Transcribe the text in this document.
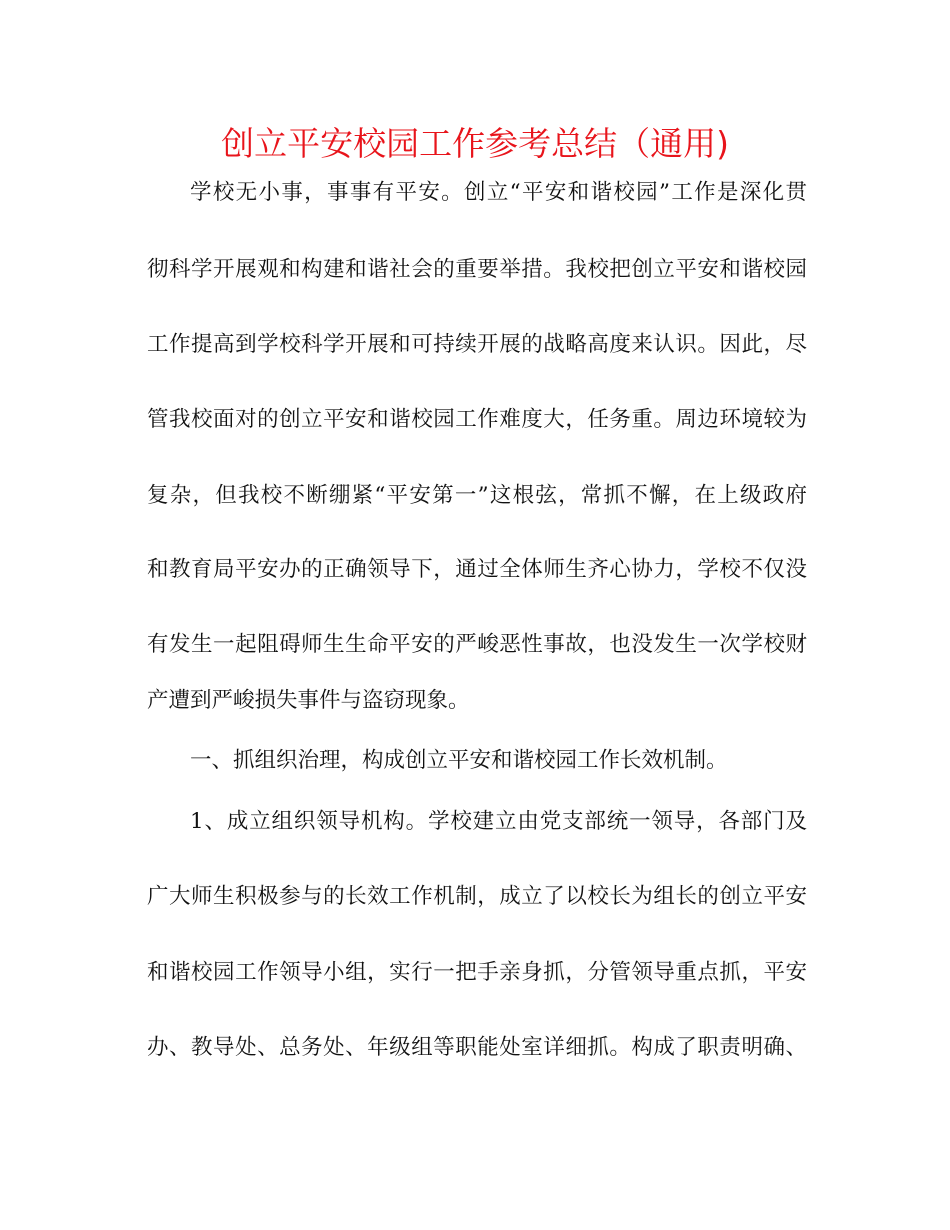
创立平安校园工作参考总结（通用)
学校无小事，事事有平安。创立“平安和谐校园”工作是深化贯
彻科学开展观和构建和谐社会的重要举措。我校把创立平安和谐校园
工作提高到学校科学开展和可持续开展的战略高度来认识。因此，尽
管我校面对的创立平安和谐校园工作难度大，任务重。周边环境较为
复杂，但我校不断绷紧“平安第一”这根弦，常抓不懈，在上级政府
和教育局平安办的正确领导下，通过全体师生齐心协力，学校不仅没
有发生一起阻碍师生生命平安的严峻恶性事故，也没发生一次学校财
产遭到严峻损失事件与盗窃现象。
一、抓组织治理，构成创立平安和谐校园工作长效机制。
1、成立组织领导机构。学校建立由党支部统一领导，各部门及
广大师生积极参与的长效工作机制，成立了以校长为组长的创立平安
和谐校园工作领导小组，实行一把手亲身抓，分管领导重点抓，平安
办、教导处、总务处、年级组等职能处室详细抓。构成了职责明确、
